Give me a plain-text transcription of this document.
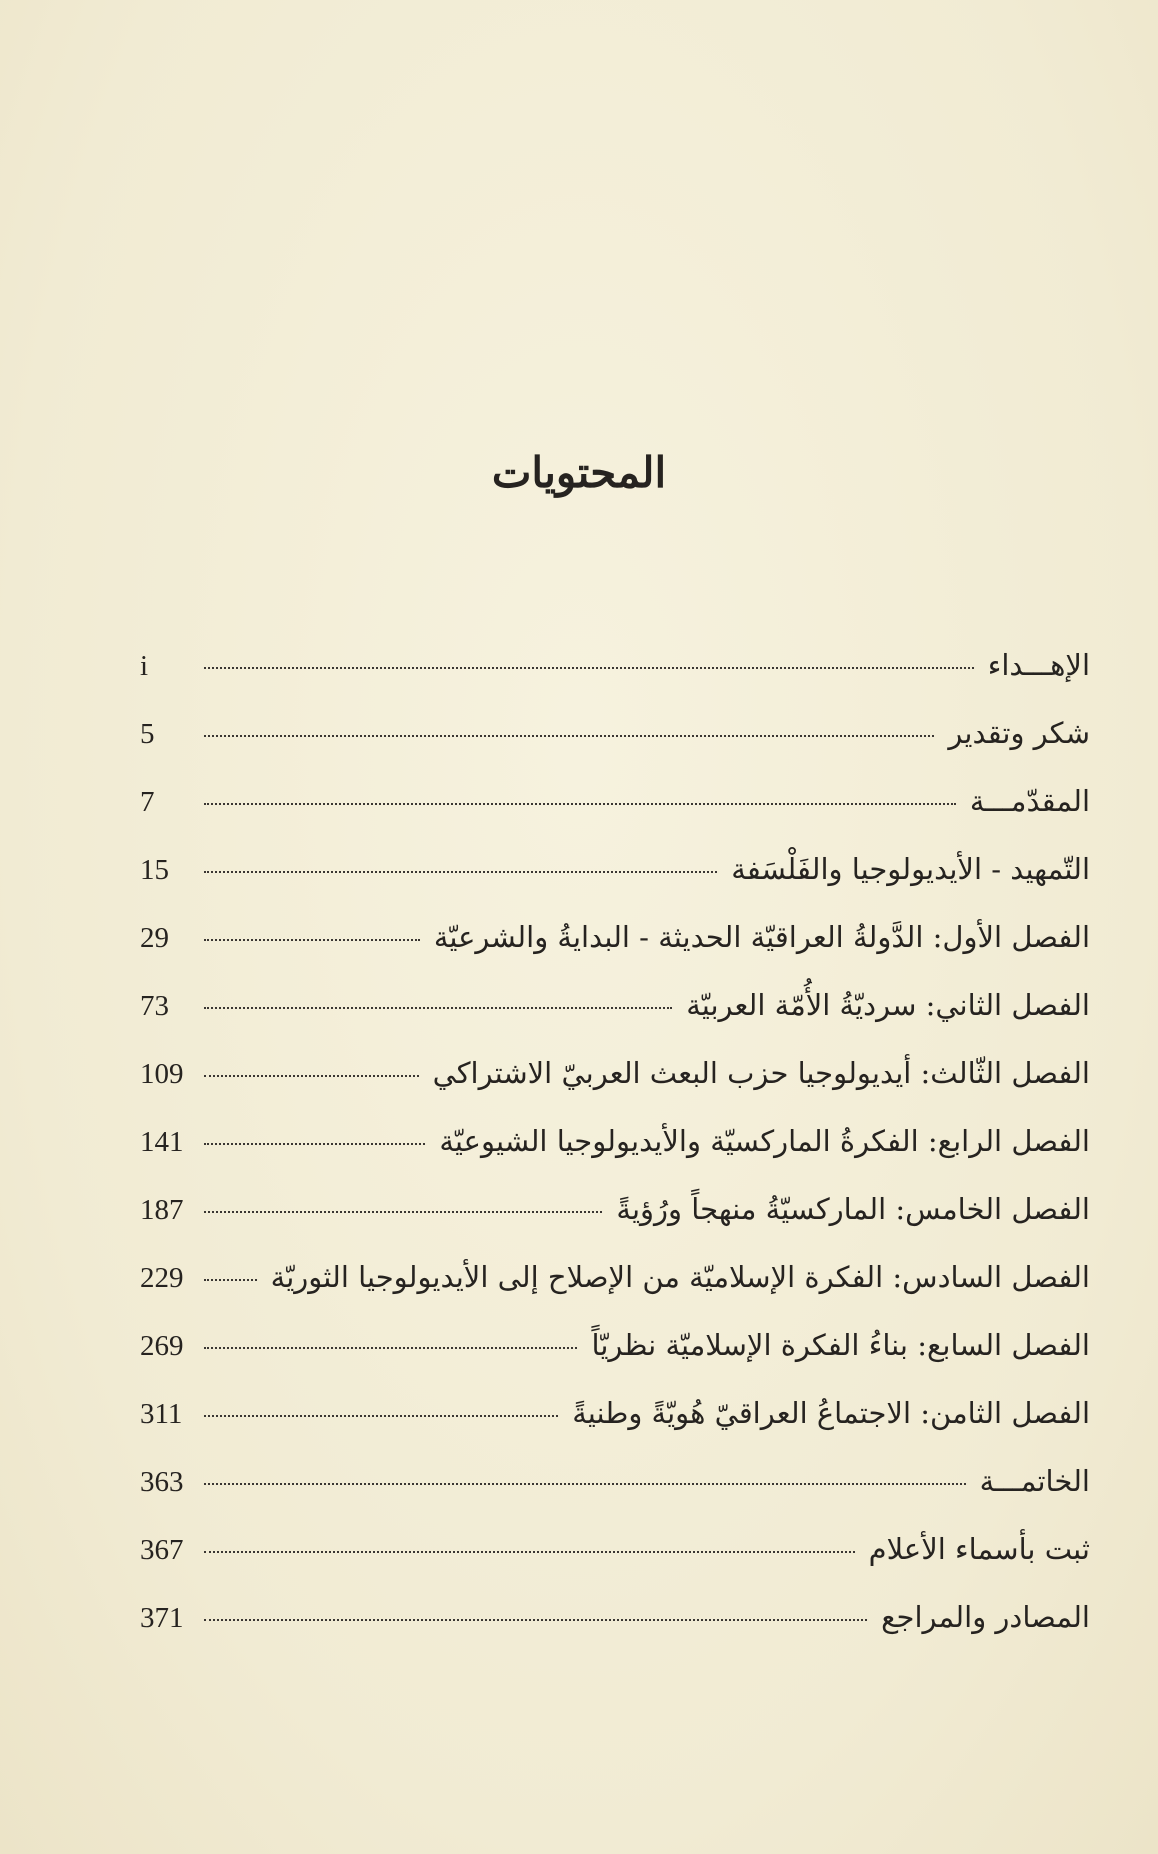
المحتويات
الإهـــداء
i
شكر وتقدير
5
المقدّمـــة
7
التّمهيد - الأيديولوجيا والفَلْسَفة
15
الفصل الأول: الدَّولةُ العراقيّة الحديثة - البدايةُ والشرعيّة
29
الفصل الثاني: سرديّةُ الأُمّة العربيّة
73
الفصل الثّالث: أيديولوجيا حزب البعث العربيّ الاشتراكي
109
الفصل الرابع: الفكرةُ الماركسيّة والأيديولوجيا الشيوعيّة
141
الفصل الخامس: الماركسيّةُ منهجاً ورُؤيةً
187
الفصل السادس: الفكرة الإسلاميّة من الإصلاح إلى الأيديولوجيا الثوريّة
229
الفصل السابع: بناءُ الفكرة الإسلاميّة نظريّاً
269
الفصل الثامن: الاجتماعُ العراقيّ هُويّةً وطنيةً
311
الخاتمـــة
363
ثبت بأسماء الأعلام
367
المصادر والمراجع
371
